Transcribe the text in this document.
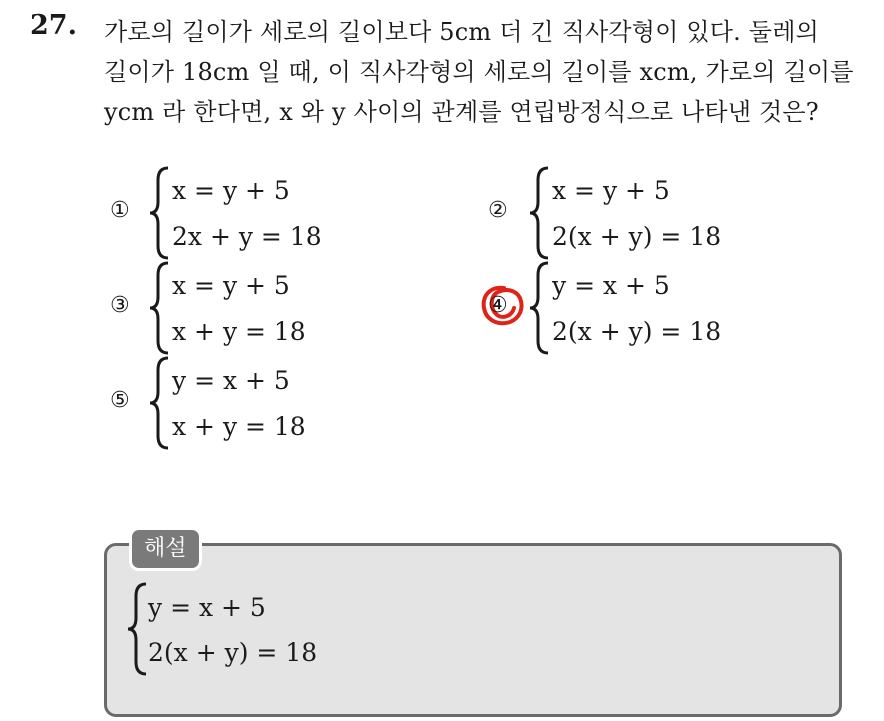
27. 가로의 길이가 세로의 길이보다 5cm 더 긴 직사각형이 있다. 둘레의
길이가 18cm 일 때, 이 직사각형의 세로의 길이를 xcm, 가로의 길이를
ycm 라 한다면, x 와 y 사이의 관계를 연립방정식으로 나타낸 것은?
①
x = y + 5
2x + y = 18
②
x = y + 5
2(x + y) = 18
③
x = y + 5
x + y = 18
④
y = x + 5
2(x + y) = 18
⑤
y = x + 5
x + y = 18
해설
y = x + 5
2(x + y) = 18
